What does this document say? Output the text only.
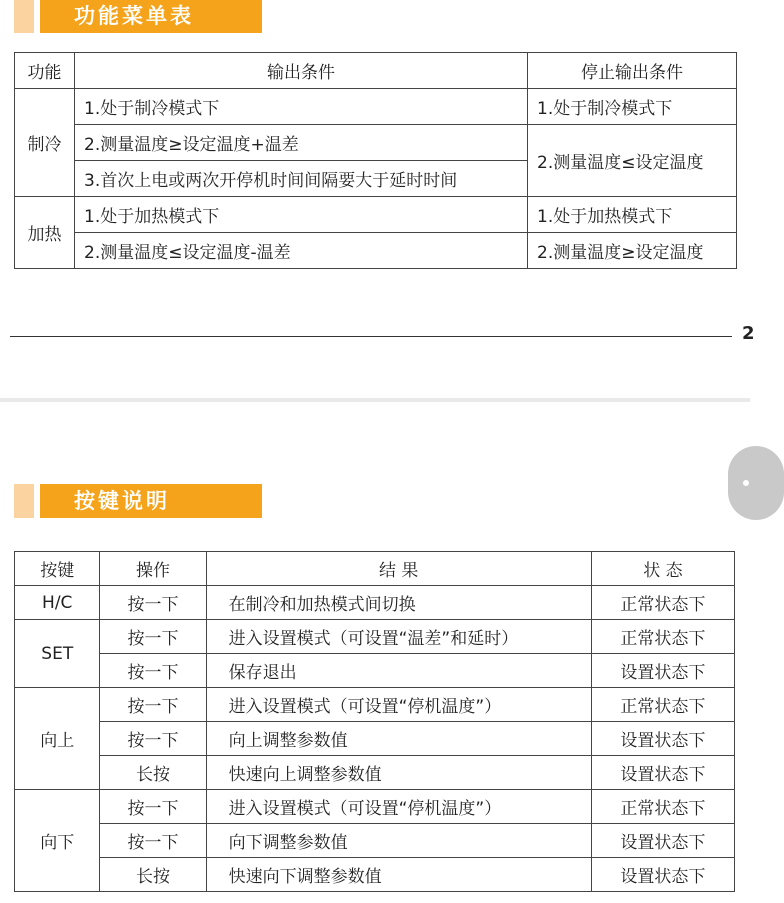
功能菜单表
功能	输出条件	停止输出条件
制冷	1.处于制冷模式下	1.处于制冷模式下
	2.测量温度≥设定温度+温差	2.测量温度≤设定温度
	3.首次上电或两次开停机时间间隔要大于延时时间	
加热	1.处于加热模式下	1.处于加热模式下
	2.测量温度≤设定温度-温差	2.测量温度≥设定温度
2
按键说明
按键	操作	结 果	状 态
H/C	按一下	在制冷和加热模式间切换	正常状态下
SET	按一下	进入设置模式（可设置“温差”和延时）	正常状态下
	按一下	保存退出	设置状态下
向上	按一下	进入设置模式（可设置“停机温度”）	正常状态下
	按一下	向上调整参数值	设置状态下
	长按	快速向上调整参数值	设置状态下
向下	按一下	进入设置模式（可设置“停机温度”）	正常状态下
	按一下	向下调整参数值	设置状态下
	长按	快速向下调整参数值	设置状态下
